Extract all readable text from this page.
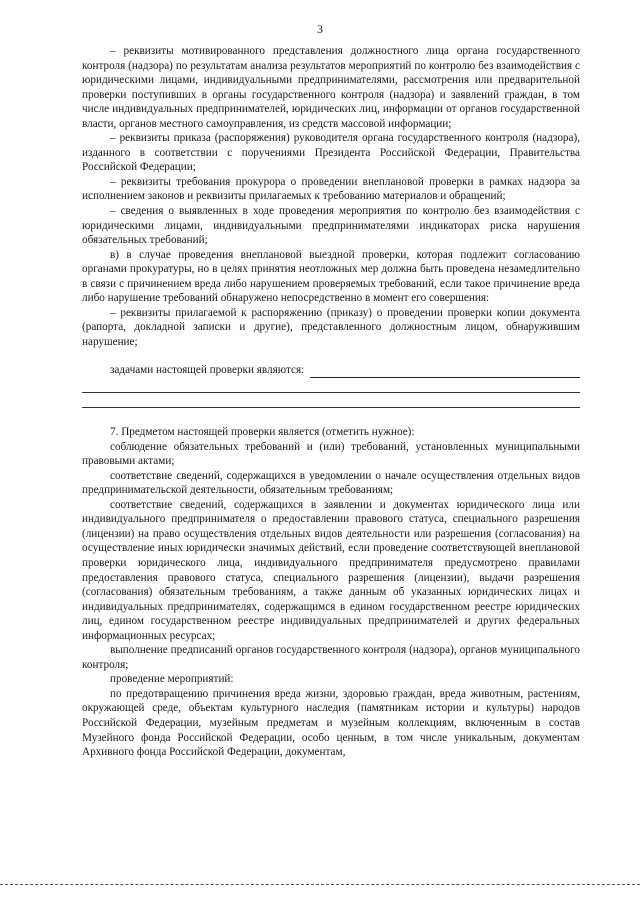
3

– реквизиты мотивированного представления должностного лица органа государственного контроля (надзора) по результатам анализа результатов мероприятий по контролю без взаимодействия с юридическими лицами, индивидуальными предпринимателями, рассмотрения или предварительной проверки поступивших в органы государственного контроля (надзора) и заявлений граждан, в том числе индивидуальных предпринимателей, юридических лиц, информации от органов государственной власти, органов местного самоуправления, из средств массовой информации;

– реквизиты приказа (распоряжения) руководителя органа государственного контроля (надзора), изданного в соответствии с поручениями Президента Российской Федерации, Правительства Российской Федерации;

– реквизиты требования прокурора о проведении внеплановой проверки в рамках надзора за исполнением законов и реквизиты прилагаемых к требованию материалов и обращений;

– сведения о выявленных в ходе проведения мероприятия по контролю без взаимодействия с юридическими лицами, индивидуальными предпринимателями индикаторах риска нарушения обязательных требований;

в) в случае проведения внеплановой выездной проверки, которая подлежит согласованию органами прокуратуры, но в целях принятия неотложных мер должна быть проведена незамедлительно в связи с причинением вреда либо нарушением проверяемых требований, если такое причинение вреда либо нарушение требований обнаружено непосредственно в момент его совершения:

– реквизиты прилагаемой к распоряжению (приказу) о проведении проверки копии документа (рапорта, докладной записки и другие), представленного должностным лицом, обнаружившим нарушение;

задачами настоящей проверки являются:

7. Предметом настоящей проверки является (отметить нужное):

соблюдение обязательных требований и (или) требований, установленных муниципальными правовыми актами;

соответствие сведений, содержащихся в уведомлении о начале осуществления отдельных видов предпринимательской деятельности, обязательным требованиям;

соответствие сведений, содержащихся в заявлении и документах юридического лица или индивидуального предпринимателя о предоставлении правового статуса, специального разрешения (лицензии) на право осуществления отдельных видов деятельности или разрешения (согласования) на осуществление иных юридически значимых действий, если проведение соответствующей внеплановой проверки юридического лица, индивидуального предпринимателя предусмотрено правилами предоставления правового статуса, специального разрешения (лицензии), выдачи разрешения (согласования) обязательным требованиям, а также данным об указанных юридических лицах и индивидуальных предпринимателях, содержащимся в едином государственном реестре юридических лиц, едином государственном реестре индивидуальных предпринимателей и других федеральных информационных ресурсах;

выполнение предписаний органов государственного контроля (надзора), органов муниципального контроля;

проведение мероприятий:

по предотвращению причинения вреда жизни, здоровью граждан, вреда животным, растениям, окружающей среде, объектам культурного наследия (памятникам истории и культуры) народов Российской Федерации, музейным предметам и музейным коллекциям, включенным в состав Музейного фонда Российской Федерации, особо ценным, в том числе уникальным, документам Архивного фонда Российской Федерации, документам,
